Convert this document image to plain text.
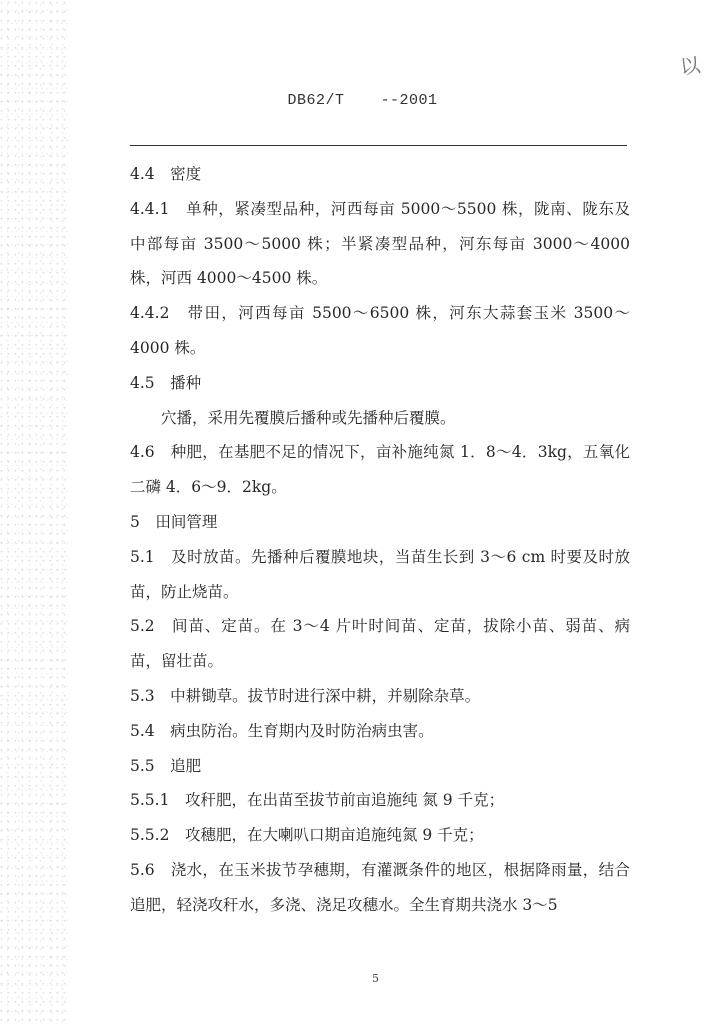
以
DB62/T --2001

4.4　密度

4.4.1　单种，紧凑型品种，河西每亩 5000～5500 株，陇南、陇东及中部每亩 3500～5000 株；半紧凑型品种，河东每亩 3000～4000 株，河西 4000～4500 株。

4.4.2　带田，河西每亩 5500～6500 株，河东大蒜套玉米 3500～4000 株。

4.5　播种

穴播，采用先覆膜后播种或先播种后覆膜。

4.6　种肥，在基肥不足的情况下，亩补施纯氮 1．8～4．3kg，五氧化二磷 4．6～9．2kg。

5　田间管理

5.1　及时放苗。先播种后覆膜地块，当苗生长到 3～6 cm 时要及时放苗，防止烧苗。

5.2　间苗、定苗。在 3～4 片叶时间苗、定苗，拔除小苗、弱苗、病苗，留壮苗。

5.3　中耕锄草。拔节时进行深中耕，并剔除杂草。

5.4　病虫防治。生育期内及时防治病虫害。

5.5　追肥

5.5.1　攻秆肥，在出苗至拔节前亩追施纯 氮 9 千克；

5.5.2　攻穗肥，在大喇叭口期亩追施纯氮 9 千克；

5.6　浇水，在玉米拔节孕穗期，有灌溉条件的地区，根据降雨量，结合追肥，轻浇攻秆水，多浇、浇足攻穗水。全生育期共浇水 3～5

5
